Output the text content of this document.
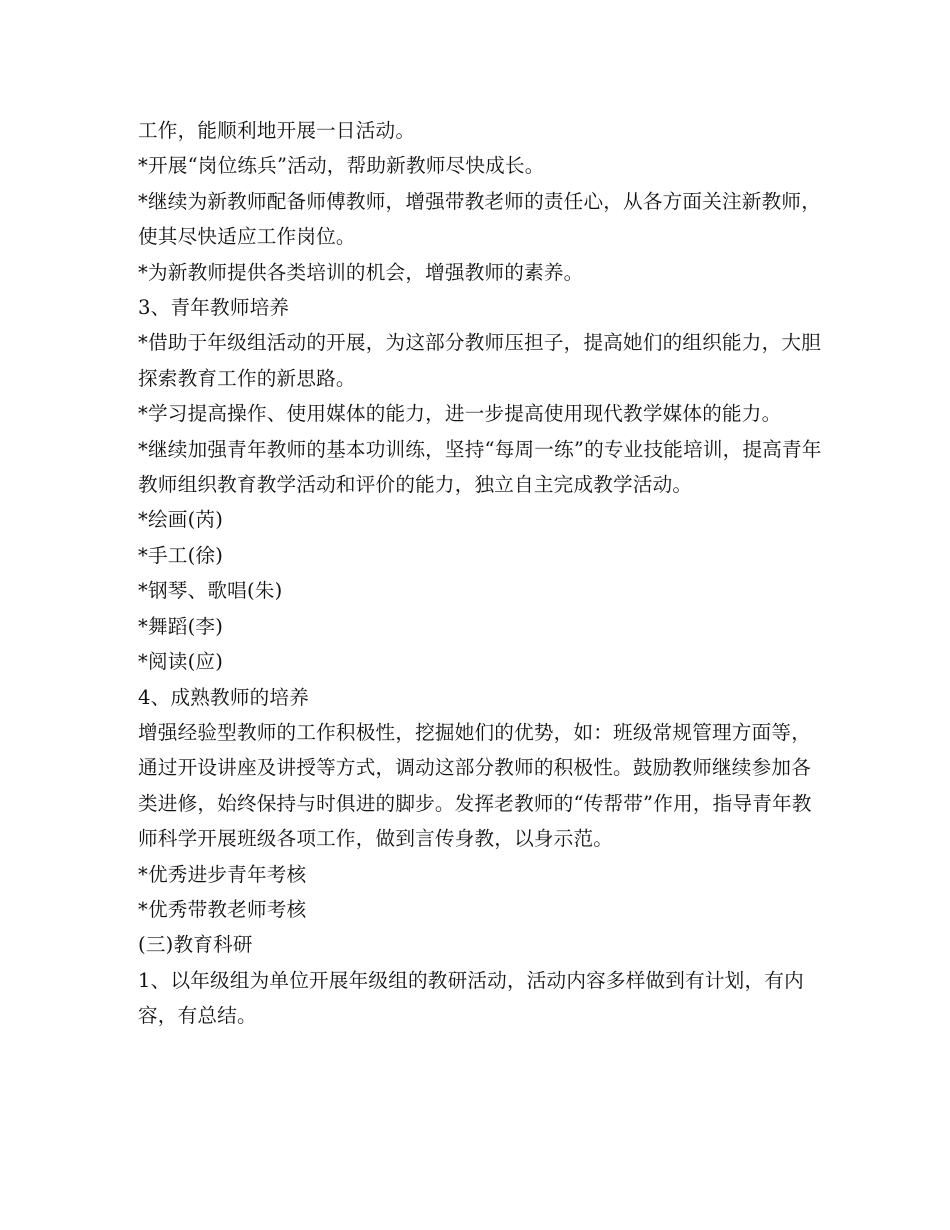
工作，能顺利地开展一日活动。

*开展“岗位练兵”活动，帮助新教师尽快成长。

*继续为新教师配备师傅教师，增强带教老师的责任心，从各方面关注新教师，使其尽快适应工作岗位。

*为新教师提供各类培训的机会，增强教师的素养。

3、青年教师培养

*借助于年级组活动的开展，为这部分教师压担子，提高她们的组织能力，大胆探索教育工作的新思路。

*学习提高操作、使用媒体的能力，进一步提高使用现代教学媒体的能力。

*继续加强青年教师的基本功训练，坚持“每周一练”的专业技能培训，提高青年教师组织教育教学活动和评价的能力，独立自主完成教学活动。

*绘画(芮)

*手工(徐)

*钢琴、歌唱(朱)

*舞蹈(李)

*阅读(应)

4、成熟教师的培养

增强经验型教师的工作积极性，挖掘她们的优势，如：班级常规管理方面等，通过开设讲座及讲授等方式，调动这部分教师的积极性。鼓励教师继续参加各类进修，始终保持与时俱进的脚步。发挥老教师的“传帮带”作用，指导青年教师科学开展班级各项工作，做到言传身教，以身示范。

*优秀进步青年考核

*优秀带教老师考核

(三)教育科研

1、以年级组为单位开展年级组的教研活动，活动内容多样做到有计划，有内容，有总结。
